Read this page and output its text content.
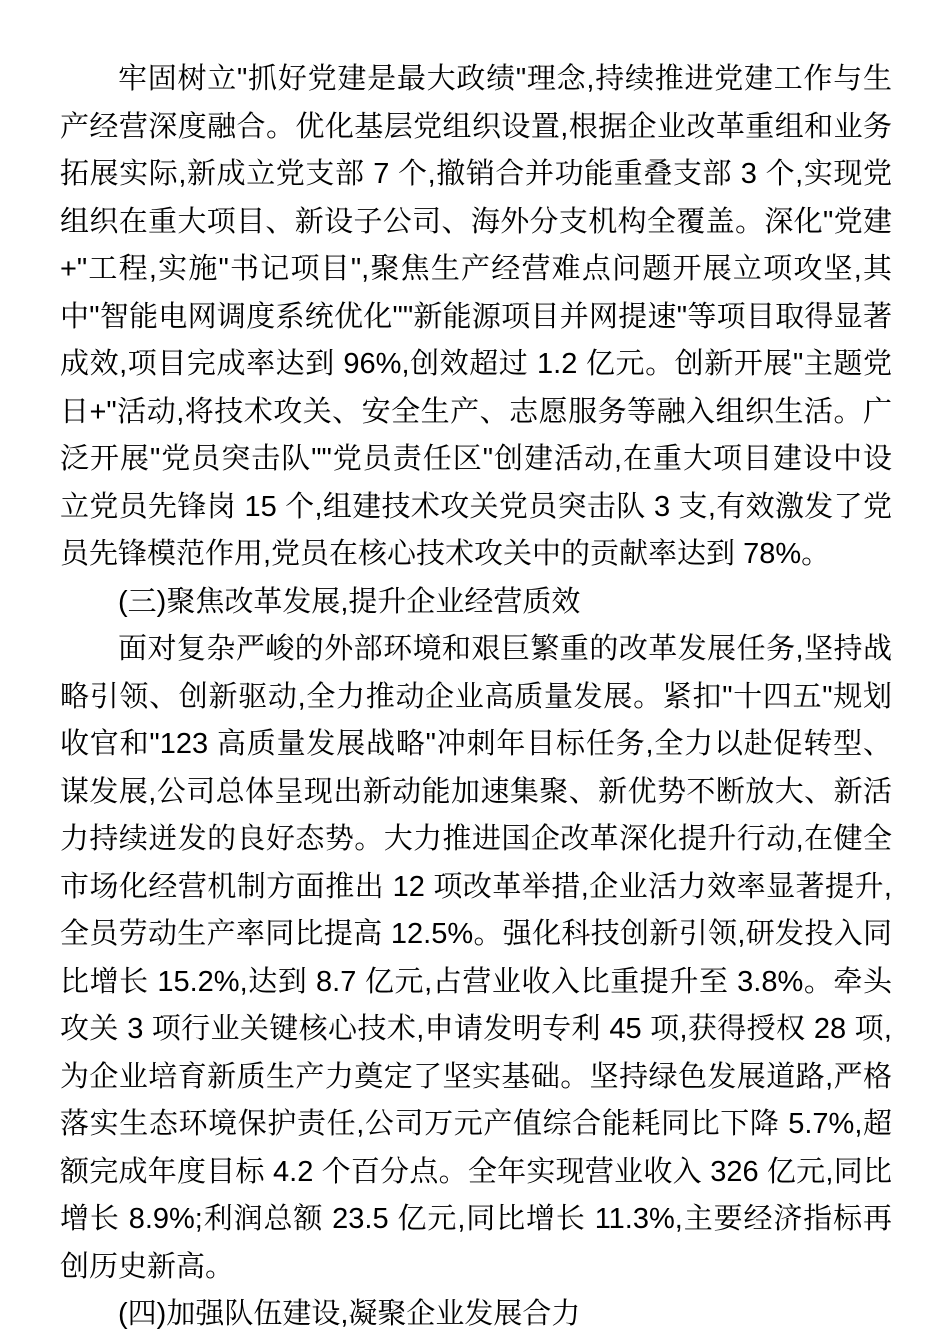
牢固树立"抓好党建是最大政绩"理念,持续推进党建工作与生产经营深度融合。优化基层党组织设置,根据企业改革重组和业务拓展实际,新成立党支部 7 个,撤销合并功能重叠支部 3 个,实现党组织在重大项目、新设子公司、海外分支机构全覆盖。深化"党建+"工程,实施"书记项目",聚焦生产经营难点问题开展立项攻坚,其中"智能电网调度系统优化""新能源项目并网提速"等项目取得显著成效,项目完成率达到 96%,创效超过 1.2 亿元。创新开展"主题党日+"活动,将技术攻关、安全生产、志愿服务等融入组织生活。广泛开展"党员突击队""党员责任区"创建活动,在重大项目建设中设立党员先锋岗 15 个,组建技术攻关党员突击队 3 支,有效激发了党员先锋模范作用,党员在核心技术攻关中的贡献率达到 78%。

(三)聚焦改革发展,提升企业经营质效

面对复杂严峻的外部环境和艰巨繁重的改革发展任务,坚持战略引领、创新驱动,全力推动企业高质量发展。紧扣"十四五"规划收官和"123 高质量发展战略"冲刺年目标任务,全力以赴促转型、谋发展,公司总体呈现出新动能加速集聚、新优势不断放大、新活力持续迸发的良好态势。大力推进国企改革深化提升行动,在健全市场化经营机制方面推出 12 项改革举措,企业活力效率显著提升,全员劳动生产率同比提高 12.5%。强化科技创新引领,研发投入同比增长 15.2%,达到 8.7 亿元,占营业收入比重提升至 3.8%。牵头攻关 3 项行业关键核心技术,申请发明专利 45 项,获得授权 28 项,为企业培育新质生产力奠定了坚实基础。坚持绿色发展道路,严格落实生态环境保护责任,公司万元产值综合能耗同比下降 5.7%,超额完成年度目标 4.2 个百分点。全年实现营业收入 326 亿元,同比增长 8.9%;利润总额 23.5 亿元,同比增长 11.3%,主要经济指标再创历史新高。

(四)加强队伍建设,凝聚企业发展合力
